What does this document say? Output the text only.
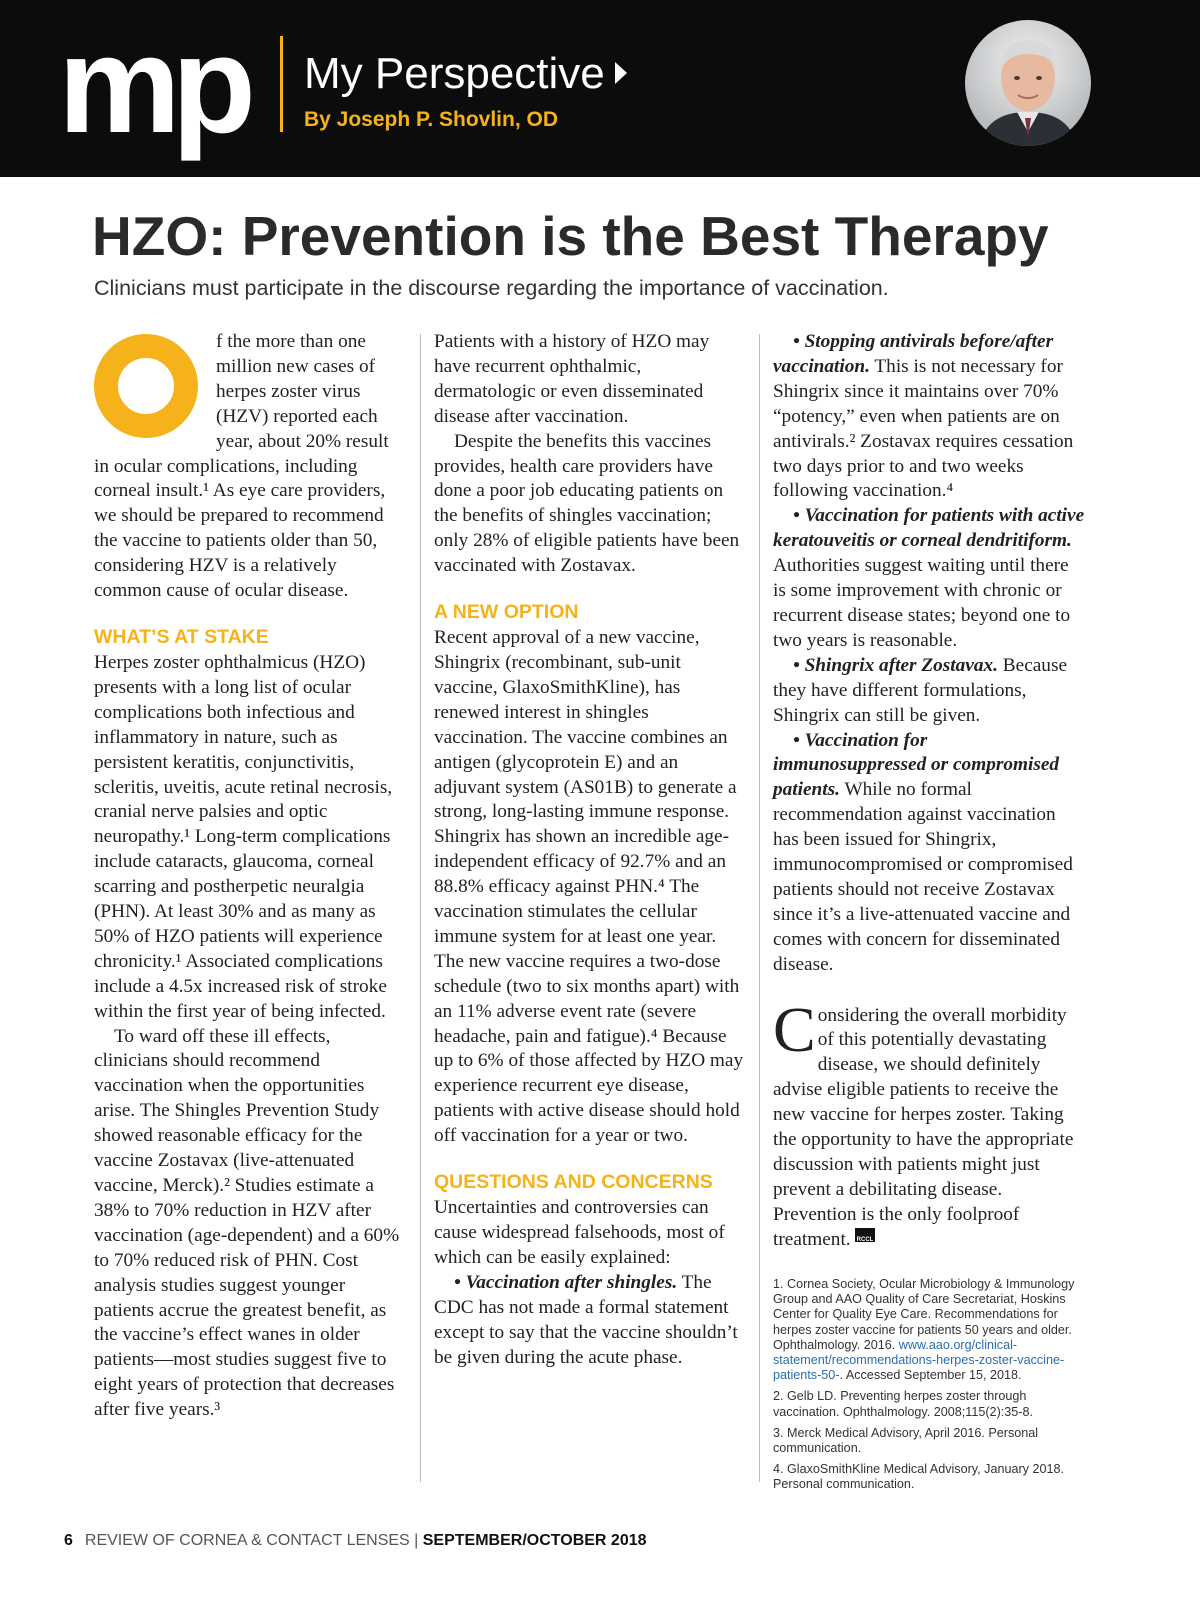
mp My Perspective
By Joseph P. Shovlin, OD
HZO: Prevention is the Best Therapy
Clinicians must participate in the discourse regarding the importance of vaccination.

f the more than one million new cases of herpes zoster virus (HZV) reported each year, about 20% result in ocular complications, including corneal insult.¹ As eye care providers, we should be prepared to recommend the vaccine to patients older than 50, considering HZV is a relatively common cause of ocular disease.

WHAT’S AT STAKE

Herpes zoster ophthalmicus (HZO) presents with a long list of ocular complications both infectious and inflammatory in nature, such as persistent keratitis, conjunctivitis, scleritis, uveitis, acute retinal necrosis, cranial nerve palsies and optic neuropathy.¹ Long-term complications include cataracts, glaucoma, corneal scarring and postherpetic neuralgia (PHN). At least 30% and as many as 50% of HZO patients will experience chronicity.¹ Associated complications include a 4.5x increased risk of stroke within the first year of being infected.

To ward off these ill effects, clinicians should recommend vaccination when the opportunities arise. The Shingles Prevention Study showed reasonable efficacy for the vaccine Zostavax (live-attenuated vaccine, Merck).² Studies estimate a 38% to 70% reduction in HZV after vaccination (age-dependent) and a 60% to 70% reduced risk of PHN. Cost analysis studies suggest younger patients accrue the greatest benefit, as the vaccine’s effect wanes in older patients—most studies suggest five to eight years of protection that decreases after five years.³

Patients with a history of HZO may have recurrent ophthalmic, dermatologic or even disseminated disease after vaccination.

Despite the benefits this vaccines provides, health care providers have done a poor job educating patients on the benefits of shingles vaccination; only 28% of eligible patients have been vaccinated with Zostavax.

A NEW OPTION

Recent approval of a new vaccine, Shingrix (recombinant, sub-unit vaccine, GlaxoSmithKline), has renewed interest in shingles vaccination. The vaccine combines an antigen (glycoprotein E) and an adjuvant system (AS01B) to generate a strong, long-lasting immune response. Shingrix has shown an incredible age-independent efficacy of 92.7% and an 88.8% efficacy against PHN.⁴ The vaccination stimulates the cellular immune system for at least one year. The new vaccine requires a two-dose schedule (two to six months apart) with an 11% adverse event rate (severe headache, pain and fatigue).⁴ Because up to 6% of those affected by HZO may experience recurrent eye disease, patients with active disease should hold off vaccination for a year or two.

QUESTIONS AND CONCERNS

Uncertainties and controversies can cause widespread falsehoods, most of which can be easily explained:

• Vaccination after shingles. The CDC has not made a formal statement except to say that the vaccine shouldn’t be given during the acute phase.

• Stopping antivirals before/after vaccination. This is not necessary for Shingrix since it maintains over 70% “potency,” even when patients are on antivirals.² Zostavax requires cessation two days prior to and two weeks following vaccination.⁴

• Vaccination for patients with active keratouveitis or corneal dendritiform. Authorities suggest waiting until there is some improvement with chronic or recurrent disease states; beyond one to two years is reasonable.

• Shingrix after Zostavax. Because they have different formulations, Shingrix can still be given.

• Vaccination for immunosuppressed or compromised patients. While no formal recommendation against vaccination has been issued for Shingrix, immunocompromised or compromised patients should not receive Zostavax since it’s a live-attenuated vaccine and comes with concern for disseminated disease.

Considering the overall morbidity of this potentially devastating disease, we should definitely advise eligible patients to receive the new vaccine for herpes zoster. Taking the opportunity to have the appropriate discussion with patients might just prevent a debilitating disease. Prevention is the only foolproof treatment. RCCL

1. Cornea Society, Ocular Microbiology & Immunology Group and AAO Quality of Care Secretariat, Hoskins Center for Quality Eye Care. Recommendations for herpes zoster vaccine for patients 50 years and older. Ophthalmology. 2016. www.aao.org/clinical-statement/recommendations-herpes-zoster-vaccine-patients-50-. Accessed September 15, 2018.

2. Gelb LD. Preventing herpes zoster through vaccination. Ophthalmology. 2008;115(2):35-8.

3. Merck Medical Advisory, April 2016. Personal communication.

4. GlaxoSmithKline Medical Advisory, January 2018. Personal communication.

6 REVIEW OF CORNEA & CONTACT LENSES | SEPTEMBER/OCTOBER 2018
